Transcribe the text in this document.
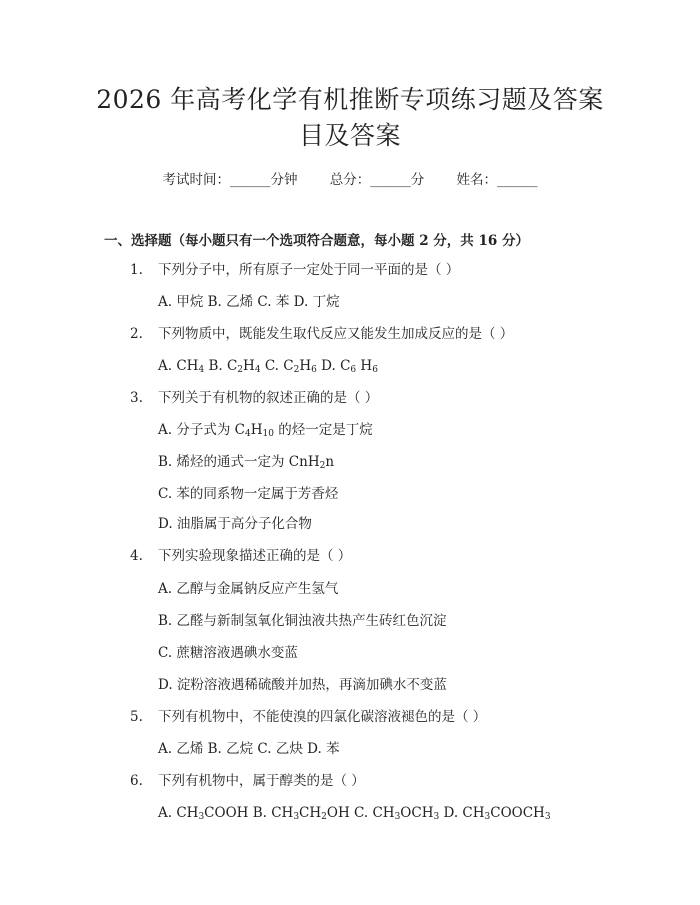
2026 年高考化学有机推断专项练习题及答案
目及答案
考试时间：______分钟 总分：______分 姓名：______
一、选择题（每小题只有一个选项符合题意，每小题 2 分，共 16 分）
1. 下列分子中，所有原子一定处于同一平面的是（ ）
A. 甲烷 B. 乙烯 C. 苯 D. 丁烷
2. 下列物质中，既能发生取代反应又能发生加成反应的是（ ）
A. $CH_4$ B. $C_2H_4$ C. $C_2H_6$ D. $C_6$ $H_6$
3. 下列关于有机物的叙述正确的是（ ）
A. 分子式为 $C_4H_{10}$ 的烃一定是丁烷
B. 烯烃的通式一定为 CnH$_2$n
C. 苯的同系物一定属于芳香烃
D. 油脂属于高分子化合物
4. 下列实验现象描述正确的是（ ）
A. 乙醇与金属钠反应产生氢气
B. 乙醛与新制氢氧化铜浊液共热产生砖红色沉淀
C. 蔗糖溶液遇碘水变蓝
D. 淀粉溶液遇稀硫酸并加热，再滴加碘水不变蓝
5. 下列有机物中，不能使溴的四氯化碳溶液褪色的是（ ）
A. 乙烯 B. 乙烷 C. 乙炔 D. 苯
6. 下列有机物中，属于醇类的是（ ）
A. $CH_3COOH$ B. $CH_3CH_2OH$ C. $CH_3OCH_3$ D. $CH_3COOCH_3$
